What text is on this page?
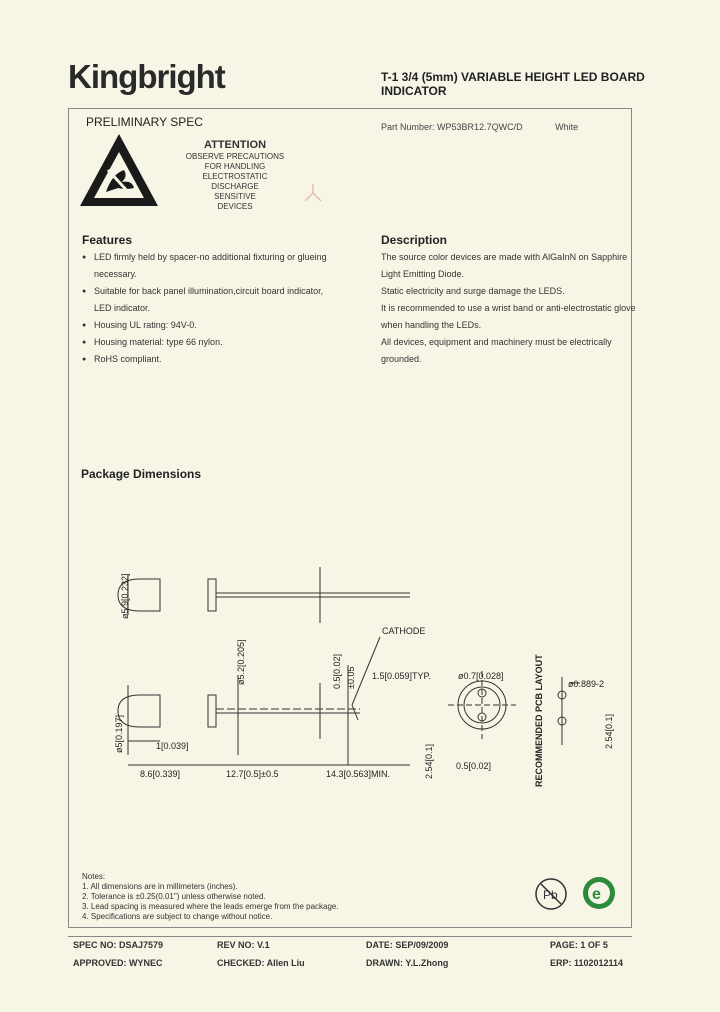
Kingbright	T-1 3/4 (5mm) VARIABLE HEIGHT LED BOARD INDICATOR
PRELIMINARY SPEC	Part Number: WP53BR12.7QWC/D	White
ATTENTION
OBSERVE PRECAUTIONS
FOR HANDLING
ELECTROSTATIC
DISCHARGE
SENSITIVE
DEVICES
Features
● LED firmly held by spacer-no additional fixturing or glueing necessary.
● Suitable for back panel illumination,circuit board indicator, LED indicator.
● Housing UL rating: 94V-0.
● Housing material: type 66 nylon.
● RoHS compliant.
Description

The source color devices are made with AlGaInN on Sapphire Light Emitting Diode.

Static electricity and surge damage the LEDS.

It is recommended to use a wrist band or anti-electrostatic glove when handling the LEDs.

All devices, equipment and machinery must be electrically grounded.

Package Dimensions
ø5.9[0.232]
ø5.2[0.205]
ø5[0.197]
0.5[0.02] ±0.05
CATHODE
1.5[0.059]TYP.	ø0.7[0.028]
ø0.889-2
1[0.039]
8.6[0.339]	12.7[0.5]±0.5	14.3[0.563]MIN.	2.54[0.1] 0.5[0.02]
2.54[0.1]
RECOMMENDED PCB LAYOUT

Notes:

1. All dimensions are in millimeters (inches).

2. Tolerance is ±0.25(0.01") unless otherwise noted.

3. Lead spacing is measured where the leads emerge from the package.

4. Specifications are subject to change without notice.

Pb e
SPEC NO: DSAJ7579	REV NO: V.1	DATE: SEP/09/2009	PAGE: 1 OF 5
APPROVED: WYNEC	CHECKED: Allen Liu	DRAWN: Y.L.Zhong	ERP: 1102012114
